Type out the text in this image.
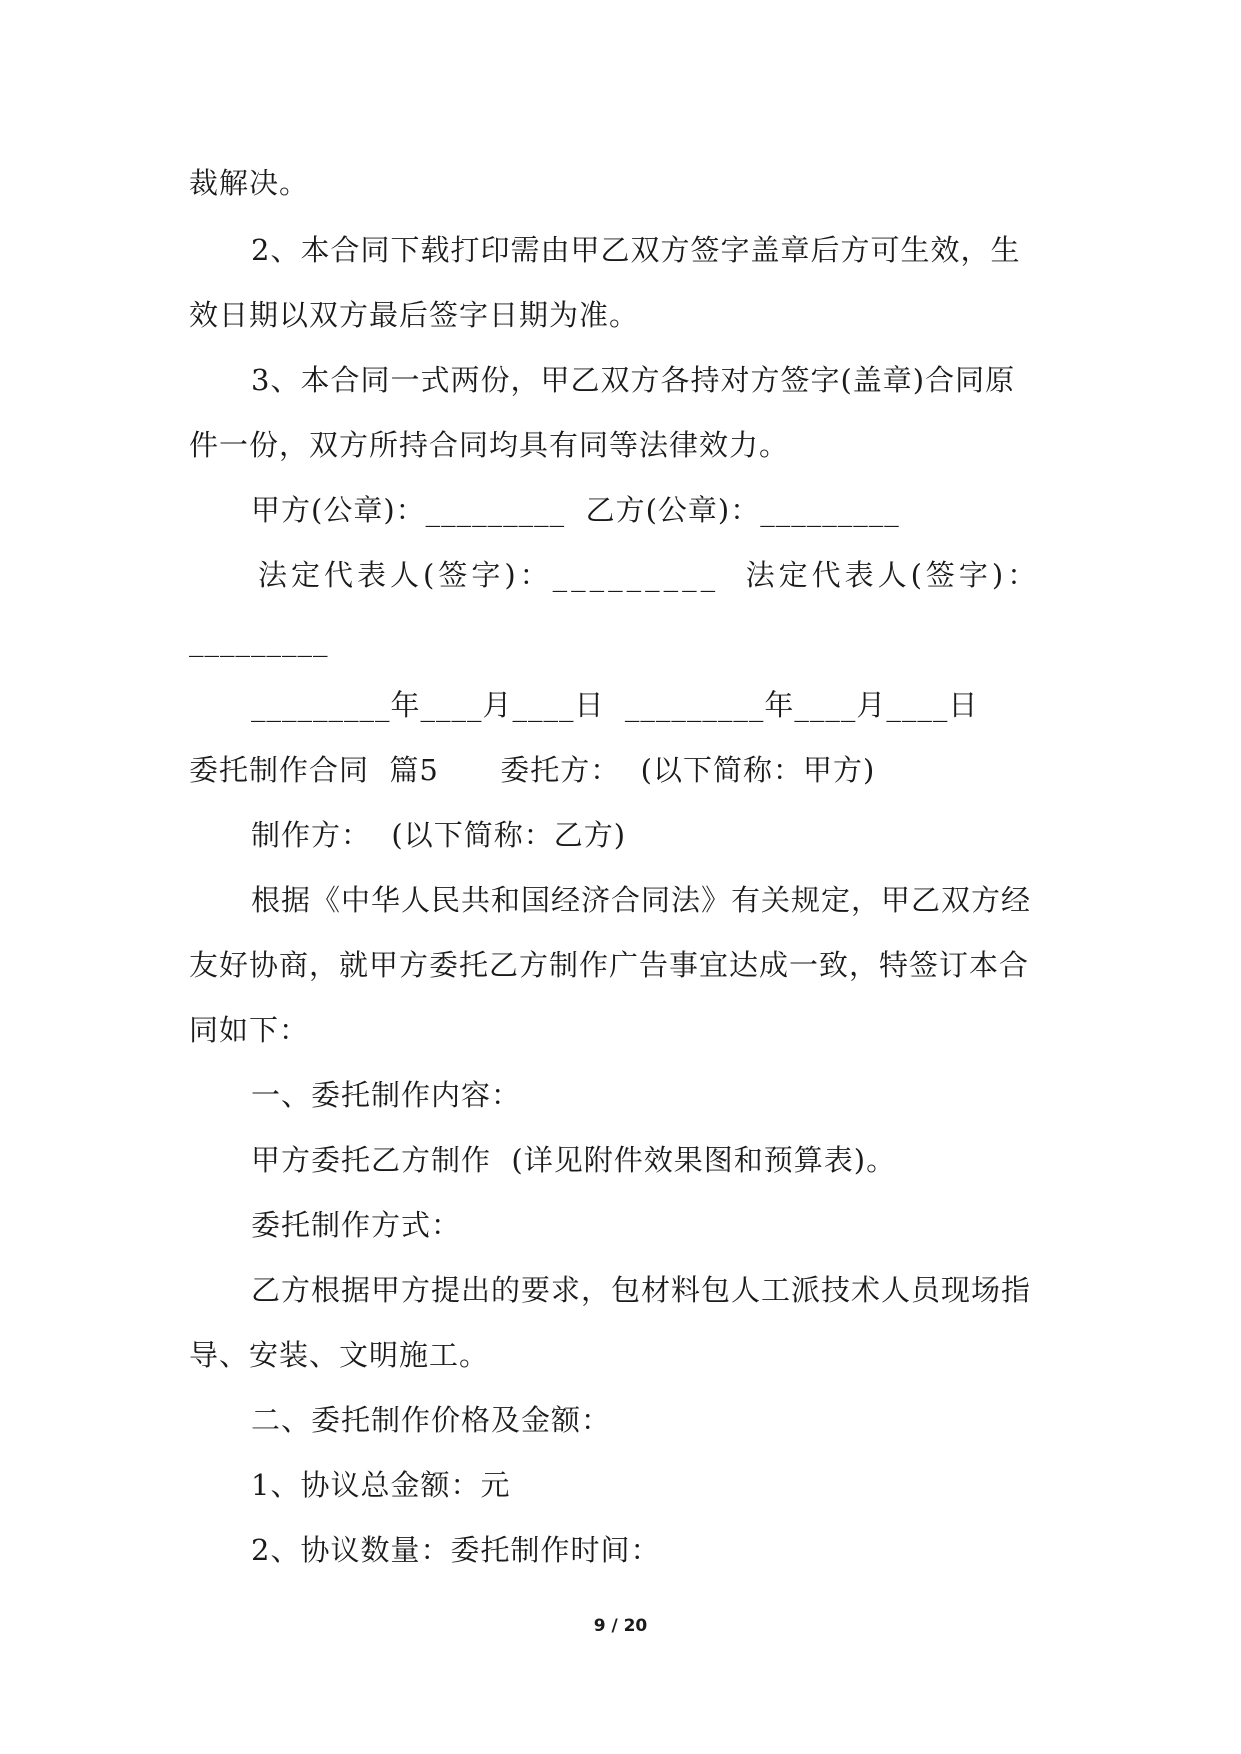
裁解决。
2、本合同下载打印需由甲乙双方签字盖章后方可生效，生
效日期以双方最后签字日期为准。
3、本合同一式两份，甲乙双方各持对方签字(盖章)合同原
件一份，双方所持合同均具有同等法律效力。
甲方(公章)：_________  乙方(公章)：_________
法定代表人(签字)：_________  法定代表人(签字)：
_________
_________年____月____日  _________年____月____日
委托制作合同  篇5      委托方：  (以下简称：甲方)
制作方：  (以下简称：乙方)
根据《中华人民共和国经济合同法》有关规定，甲乙双方经
友好协商，就甲方委托乙方制作广告事宜达成一致，特签订本合
同如下：
一、委托制作内容：
甲方委托乙方制作  (详见附件效果图和预算表)。
委托制作方式：
乙方根据甲方提出的要求，包材料包人工派技术人员现场指
导、安装、文明施工。
二、委托制作价格及金额：
1、协议总金额：元
2、协议数量：委托制作时间：
9 / 20
